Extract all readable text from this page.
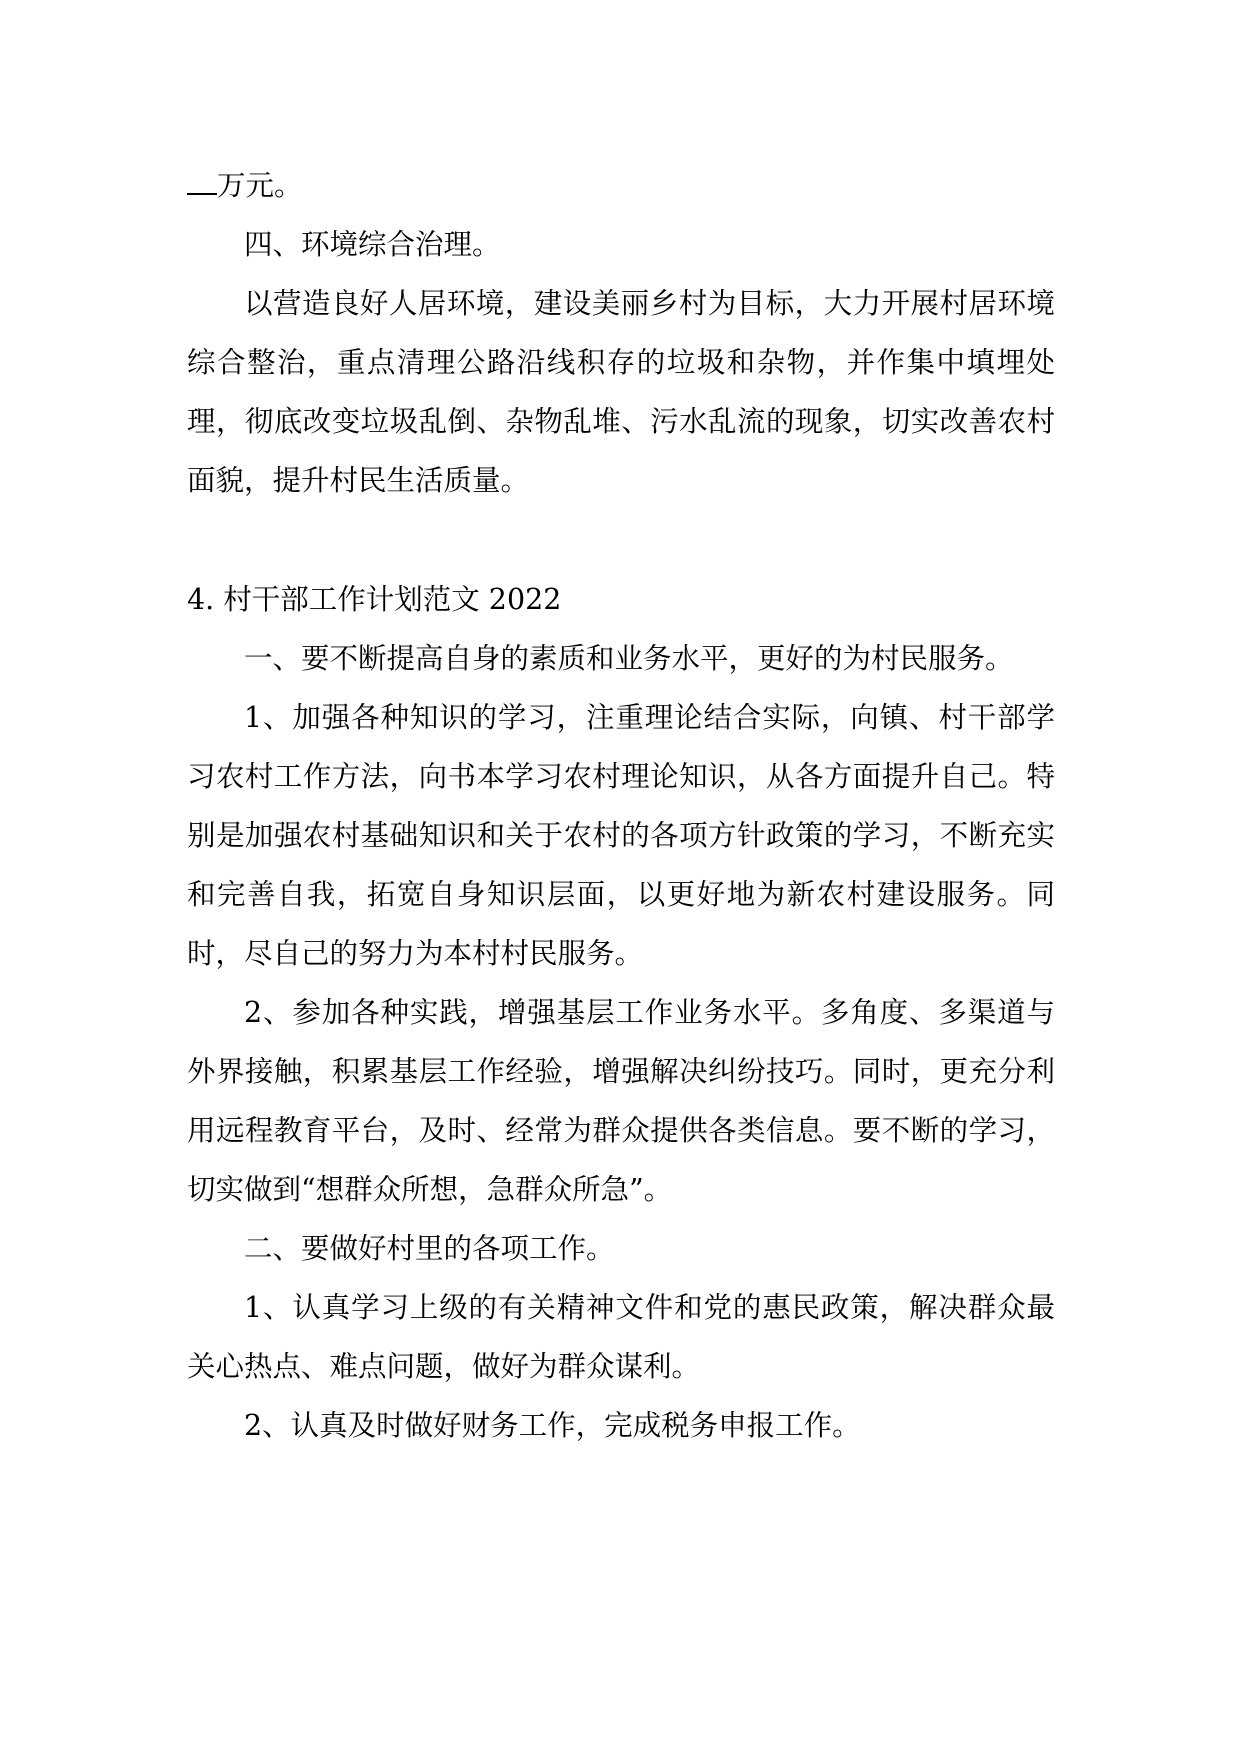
万元。

四、环境综合治理。

以营造良好人居环境，建设美丽乡村为目标，大力开展村居环境综合整治，重点清理公路沿线积存的垃圾和杂物，并作集中填埋处理，彻底改变垃圾乱倒、杂物乱堆、污水乱流的现象，切实改善农村面貌，提升村民生活质量。

4. 村干部工作计划范文 2022

一、要不断提高自身的素质和业务水平，更好的为村民服务。

1、加强各种知识的学习，注重理论结合实际，向镇、村干部学习农村工作方法，向书本学习农村理论知识，从各方面提升自己。特别是加强农村基础知识和关于农村的各项方针政策的学习，不断充实和完善自我，拓宽自身知识层面，以更好地为新农村建设服务。同时，尽自己的努力为本村村民服务。

2、参加各种实践，增强基层工作业务水平。多角度、多渠道与外界接触，积累基层工作经验，增强解决纠纷技巧。同时，更充分利用远程教育平台，及时、经常为群众提供各类信息。要不断的学习，切实做到“想群众所想，急群众所急”。

二、要做好村里的各项工作。

1、认真学习上级的有关精神文件和党的惠民政策，解决群众最关心热点、难点问题，做好为群众谋利。

2、认真及时做好财务工作，完成税务申报工作。
